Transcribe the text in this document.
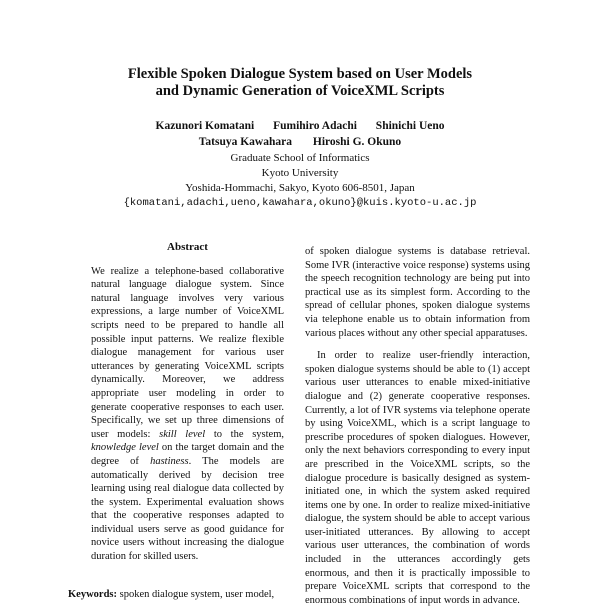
Flexible Spoken Dialogue System based on User Models
and Dynamic Generation of VoiceXML Scripts
Kazunori Komatani Fumihiro Adachi Shinichi Ueno
Tatsuya Kawahara Hiroshi G. Okuno
Graduate School of Informatics
Kyoto University
Yoshida-Hommachi, Sakyo, Kyoto 606-8501, Japan
{komatani,adachi,ueno,kawahara,okuno}@kuis.kyoto-u.ac.jp
Abstract

We realize a telephone-based collaborative natural language dialogue system. Since natural language involves very various expressions, a large number of VoiceXML scripts need to be prepared to handle all possible input patterns. We realize flexible dialogue management for various user utterances by generating VoiceXML scripts dynamically. Moreover, we address appropriate user modeling in order to generate cooperative responses to each user. Specifically, we set up three dimensions of user models: skill level to the system, knowledge level on the target domain and the degree of hastiness. The models are automatically derived by decision tree learning using real dialogue data collected by the system. Experimental evaluation shows that the cooperative responses adapted to individual users serve as good guidance for novice users without increasing the dialogue duration for skilled users.

Keywords: spoken dialogue system, user model,

of spoken dialogue systems is database retrieval. Some IVR (interactive voice response) systems using the speech recognition technology are being put into practical use as its simplest form. According to the spread of cellular phones, spoken dialogue systems via telephone enable us to obtain information from various places without any other special apparatuses.

In order to realize user-friendly interaction, spoken dialogue systems should be able to (1) accept various user utterances to enable mixed-initiative dialogue and (2) generate cooperative responses. Currently, a lot of IVR systems via telephone operate by using VoiceXML, which is a script language to prescribe procedures of spoken dialogues. However, only the next behaviors corresponding to every input are prescribed in the VoiceXML scripts, so the dialogue procedure is basically designed as system-initiated one, in which the system asked required items one by one. In order to realize mixed-initiative dialogue, the system should be able to accept various user-initiated utterances. By allowing to accept various user utterances, the combination of words included in the utterances accordingly gets enormous, and then it is practically impossible to prepare VoiceXML scripts that correspond to the enormous combinations of input words in advance.
